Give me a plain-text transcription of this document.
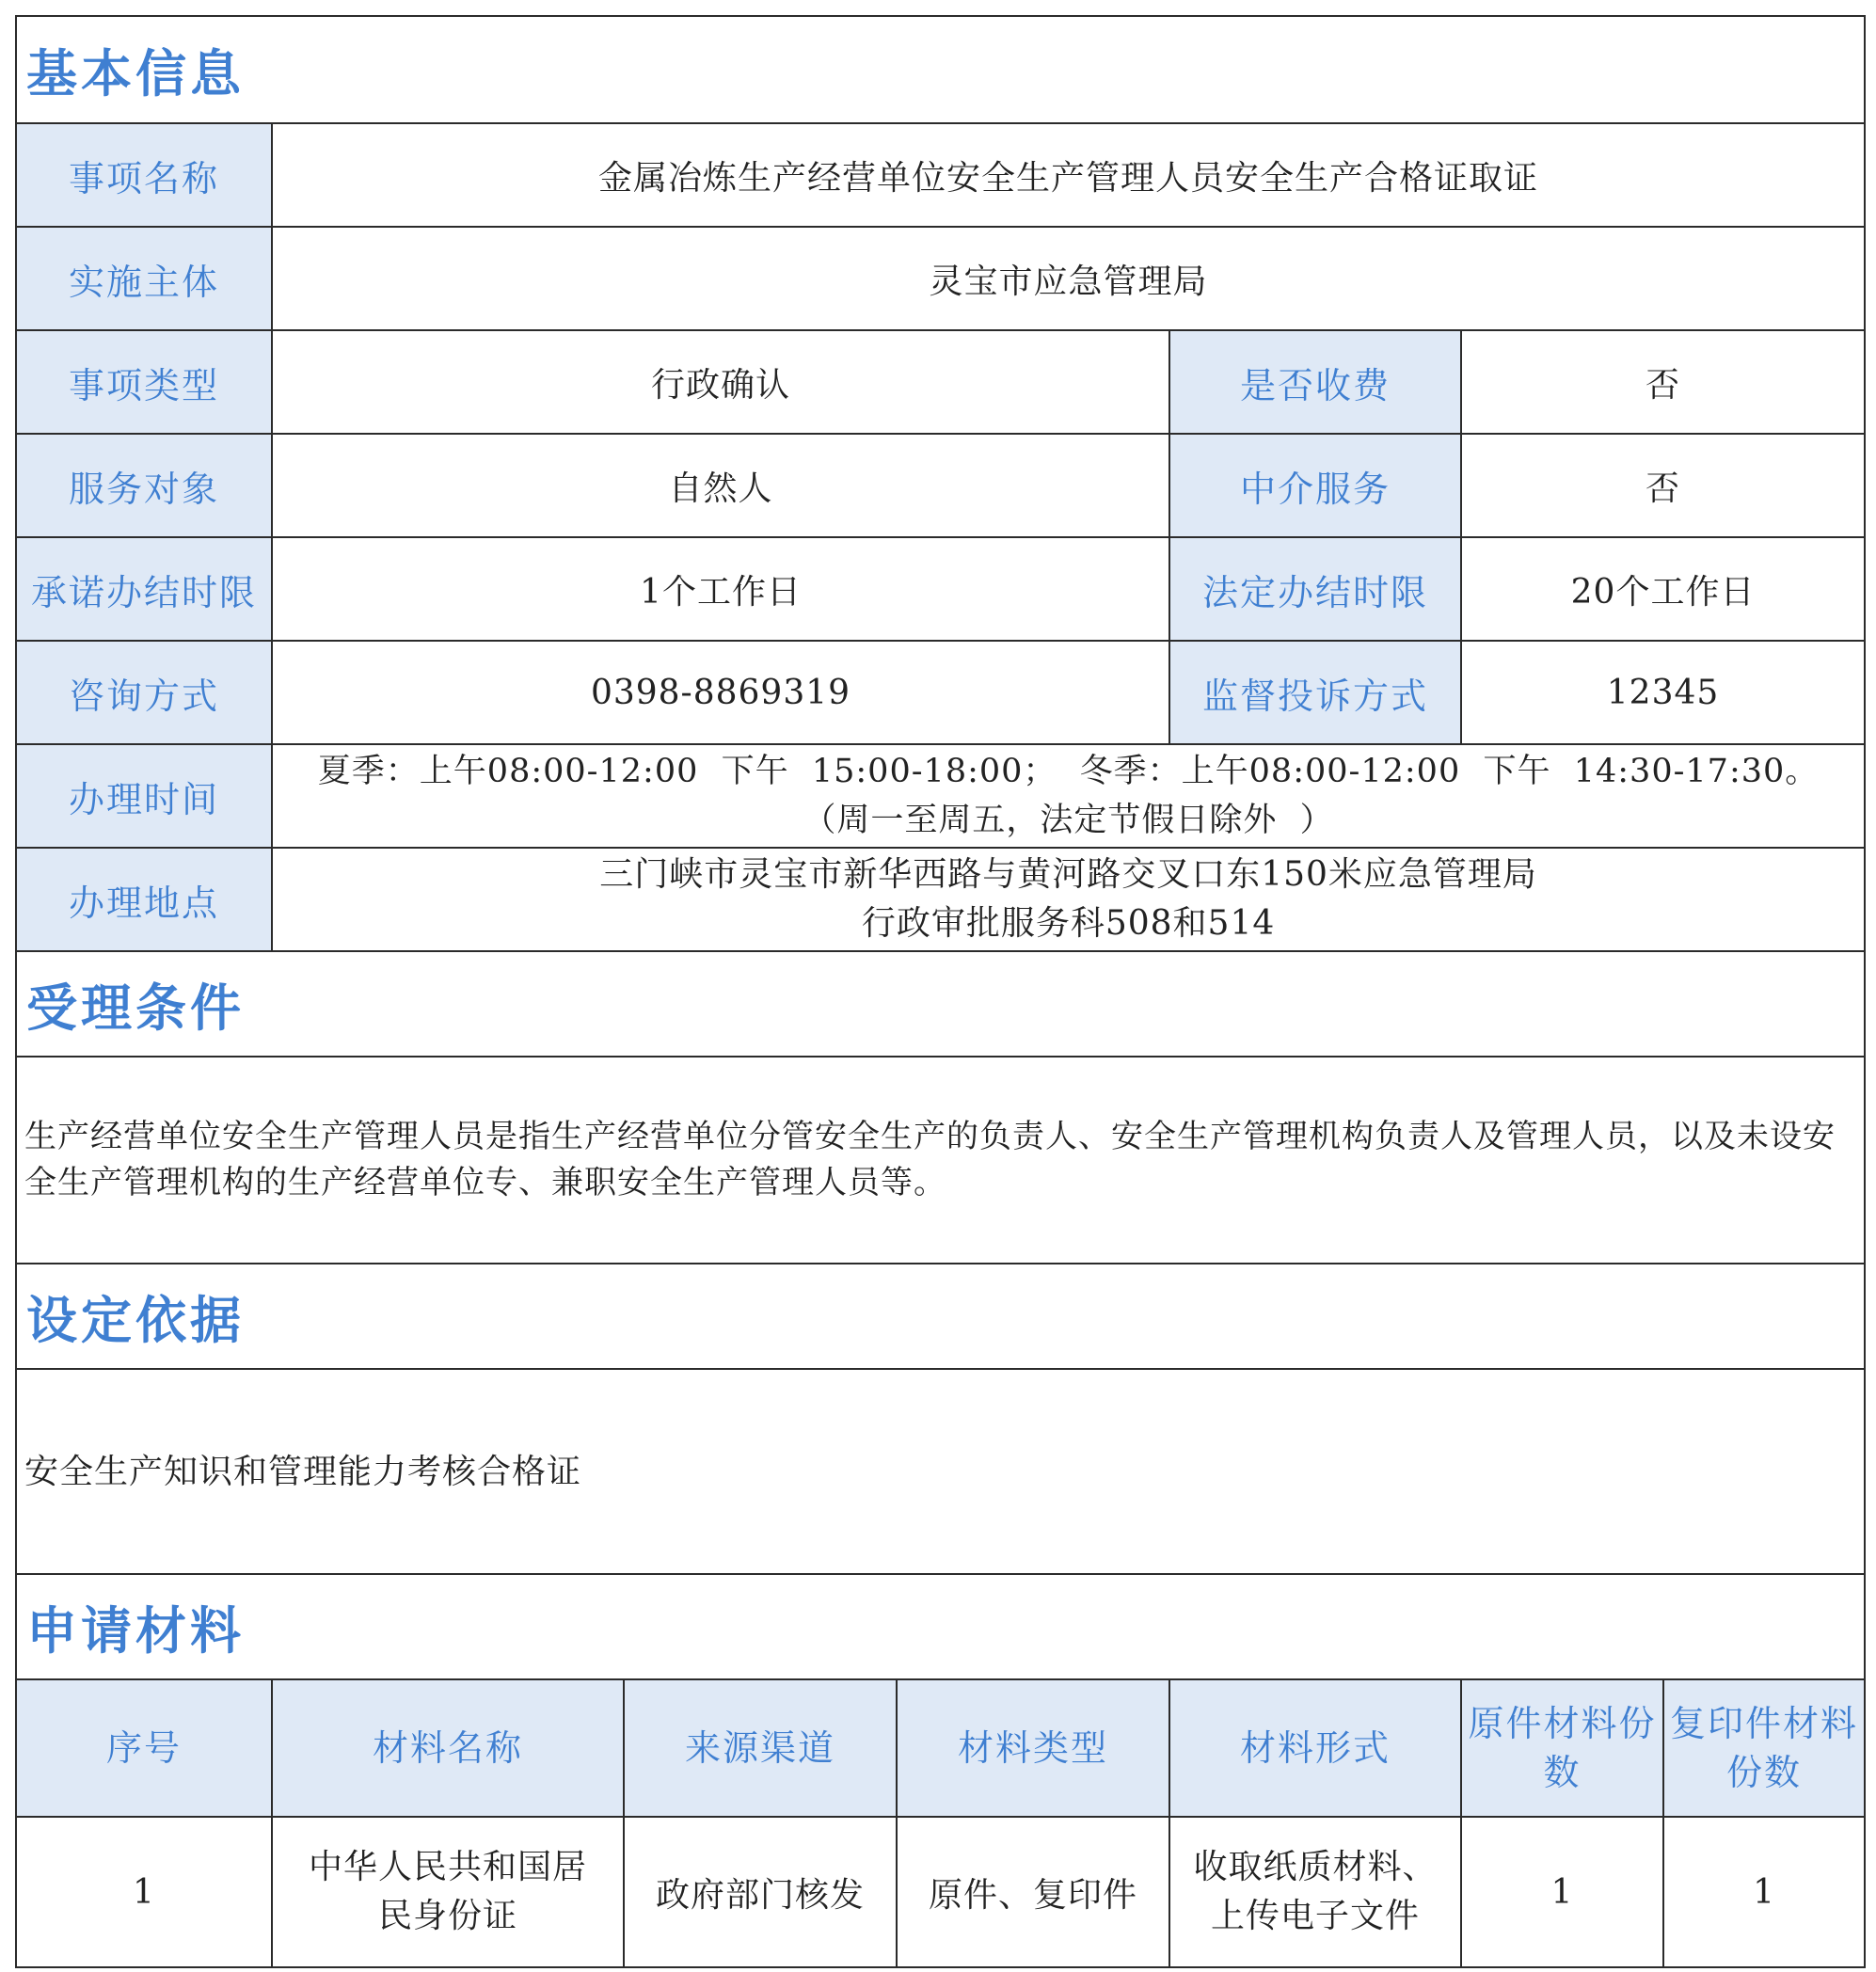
基本信息						
事项名称	金属冶炼生产经营单位安全生产管理人员安全生产合格证取证					
实施主体	灵宝市应急管理局					
事项类型	行政确认			是否收费	否	
服务对象	自然人			中介服务	否	
承诺办结时限	1个工作日			法定办结时限	20个工作日	
咨询方式	0398-8869319			监督投诉方式	12345	
办理时间	夏季：上午08:00-12:00  下午  15:00-18:00；  冬季：上午08:00-12:00  下午  14:30-17:30。
（周一至周五，法定节假日除外  ）					

办理地点	三门峡市灵宝市新华西路与黄河路交叉口东150米应急管理局
行政审批服务科508和514					

受理条件						
生产经营单位安全生产管理人员是指生产经营单位分管安全生产的负责人、安全生产管理机构负责人及管理人员，以及未设安全生产管理机构的生产经营单位专、兼职安全生产管理人员等。						
设定依据						
安全生产知识和管理能力考核合格证						
申请材料						
序号	材料名称	来源渠道	材料类型	材料形式	原件材料份数	复印件材料份数
1	中华人民共和国居民身份证	政府部门核发	原件、复印件	收取纸质材料、上传电子文件	1	1
